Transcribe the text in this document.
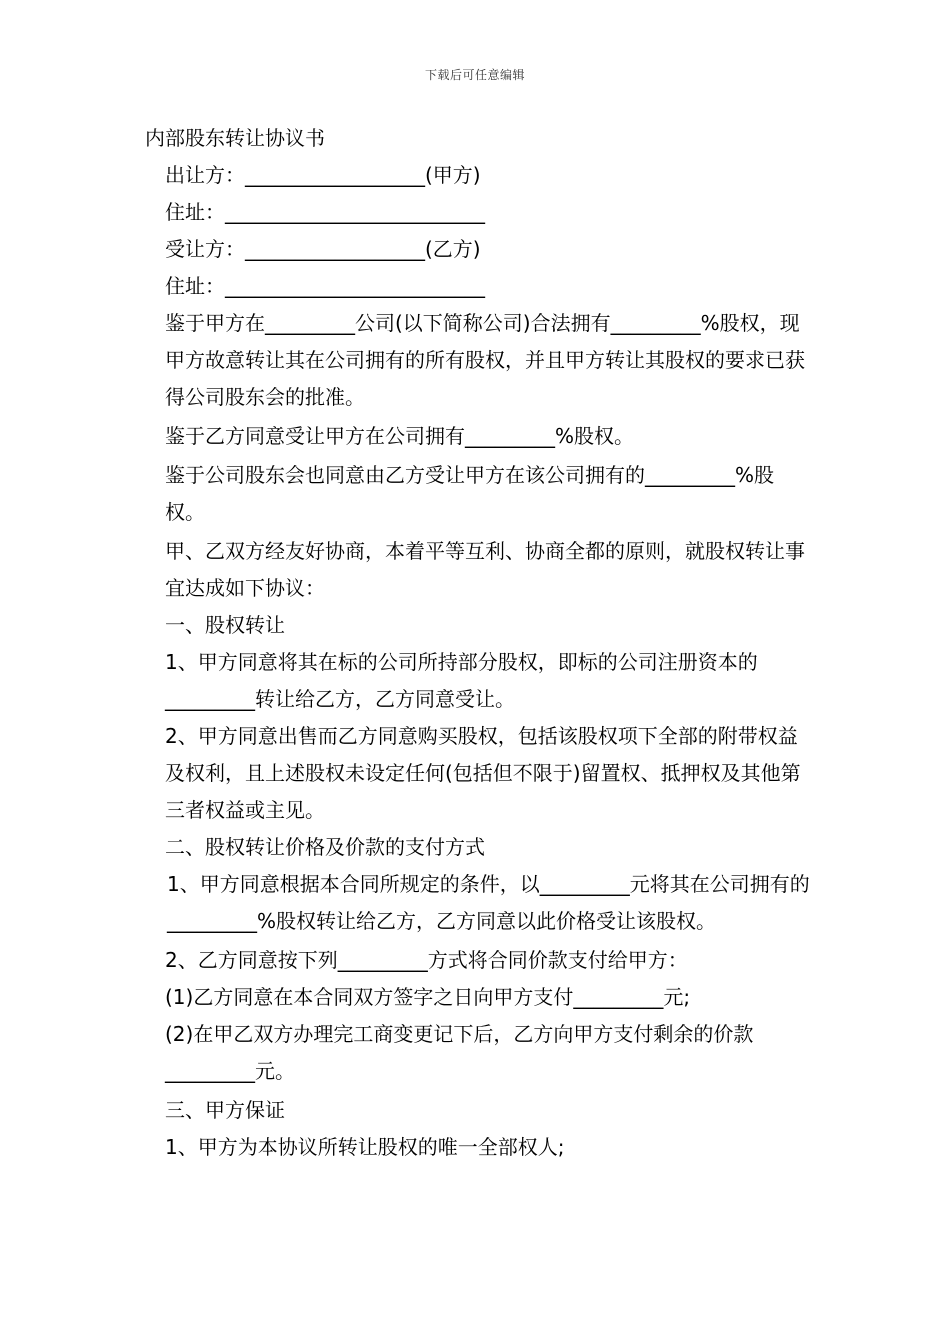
下载后可任意编辑

内部股东转让协议书

出让方：__________________(甲方)

住址：__________________________

受让方：__________________(乙方)

住址：__________________________

鉴于甲方在_________公司(以下简称公司)合法拥有_________%股权，现甲方故意转让其在公司拥有的所有股权，并且甲方转让其股权的要求已获得公司股东会的批准。

鉴于乙方同意受让甲方在公司拥有_________%股权。

鉴于公司股东会也同意由乙方受让甲方在该公司拥有的_________%股权。

甲、乙双方经友好协商，本着平等互利、协商全都的原则，就股权转让事宜达成如下协议：

一、股权转让

1、甲方同意将其在标的公司所持部分股权，即标的公司注册资本的_________转让给乙方，乙方同意受让。

2、甲方同意出售而乙方同意购买股权，包括该股权项下全部的附带权益及权利，且上述股权未设定任何(包括但不限于)留置权、抵押权及其他第三者权益或主见。

二、股权转让价格及价款的支付方式

1、甲方同意根据本合同所规定的条件，以_________元将其在公司拥有的_________%股权转让给乙方，乙方同意以此价格受让该股权。

2、乙方同意按下列_________方式将合同价款支付给甲方：

(1)乙方同意在本合同双方签字之日向甲方支付_________元;

(2)在甲乙双方办理完工商变更记下后，乙方向甲方支付剩余的价款_________元。

三、甲方保证

1、甲方为本协议所转让股权的唯一全部权人;
